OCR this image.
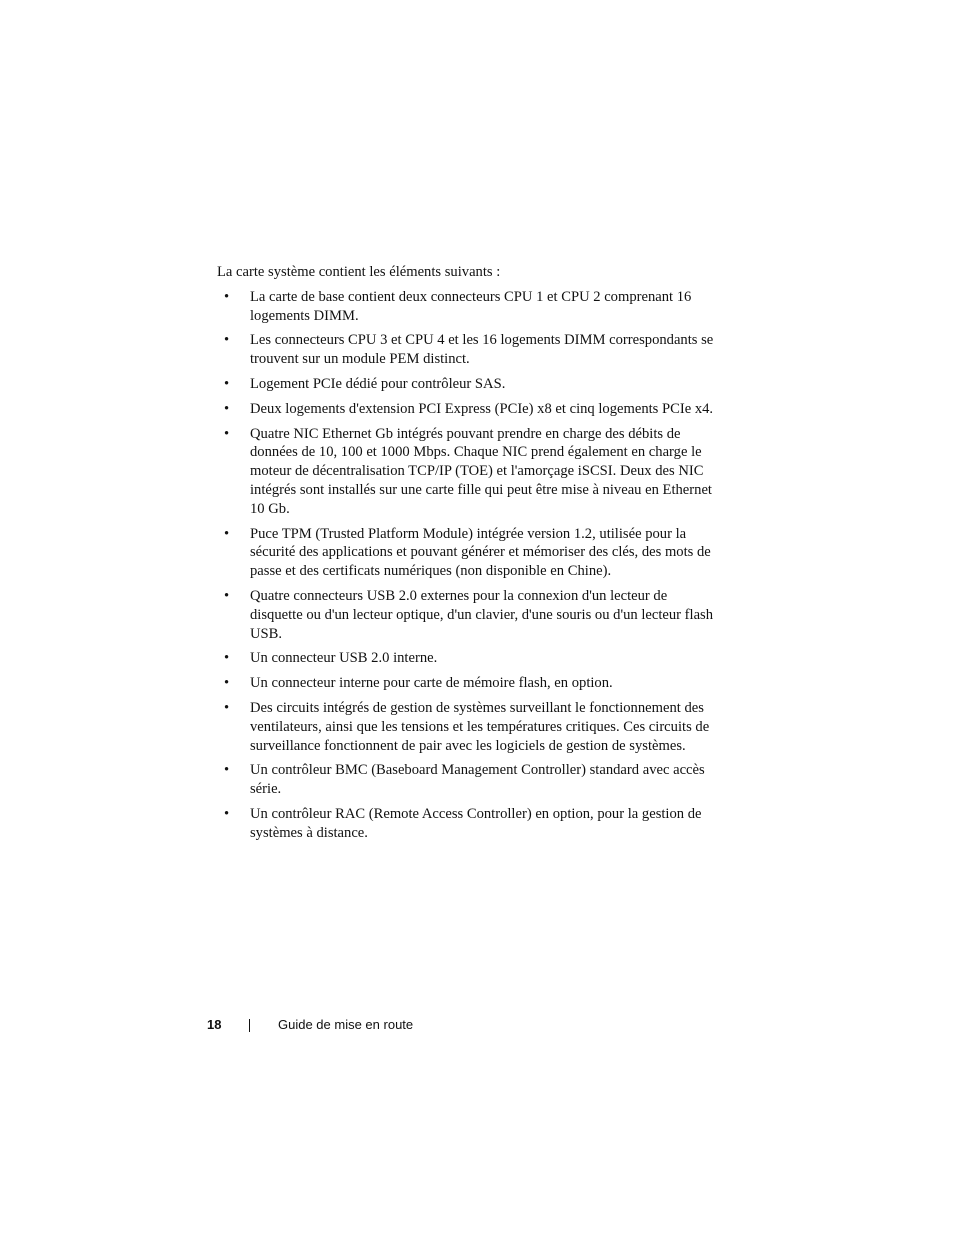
La carte système contient les éléments suivants :

• La carte de base contient deux connecteurs CPU 1 et CPU 2 comprenant 16 logements DIMM.
• Les connecteurs CPU 3 et CPU 4 et les 16 logements DIMM correspondants se trouvent sur un module PEM distinct.
• Logement PCIe dédié pour contrôleur SAS.
• Deux logements d'extension PCI Express (PCIe) x8 et cinq logements PCIe x4.
• Quatre NIC Ethernet Gb intégrés pouvant prendre en charge des débits de données de 10, 100 et 1000 Mbps. Chaque NIC prend également en charge le moteur de décentralisation TCP/IP (TOE) et l'amorçage iSCSI. Deux des NIC intégrés sont installés sur une carte fille qui peut être mise à niveau en Ethernet 10 Gb.
• Puce TPM (Trusted Platform Module) intégrée version 1.2, utilisée pour la sécurité des applications et pouvant générer et mémoriser des clés, des mots de passe et des certificats numériques (non disponible en Chine).
• Quatre connecteurs USB 2.0 externes pour la connexion d'un lecteur de disquette ou d'un lecteur optique, d'un clavier, d'une souris ou d'un lecteur flash USB.
• Un connecteur USB 2.0 interne.
• Un connecteur interne pour carte de mémoire flash, en option.
• Des circuits intégrés de gestion de systèmes surveillant le fonctionnement des ventilateurs, ainsi que les tensions et les températures critiques. Ces circuits de surveillance fonctionnent de pair avec les logiciels de gestion de systèmes.
• Un contrôleur BMC (Baseboard Management Controller) standard avec accès série.
• Un contrôleur RAC (Remote Access Controller) en option, pour la gestion de systèmes à distance.
18	Guide de mise en route
